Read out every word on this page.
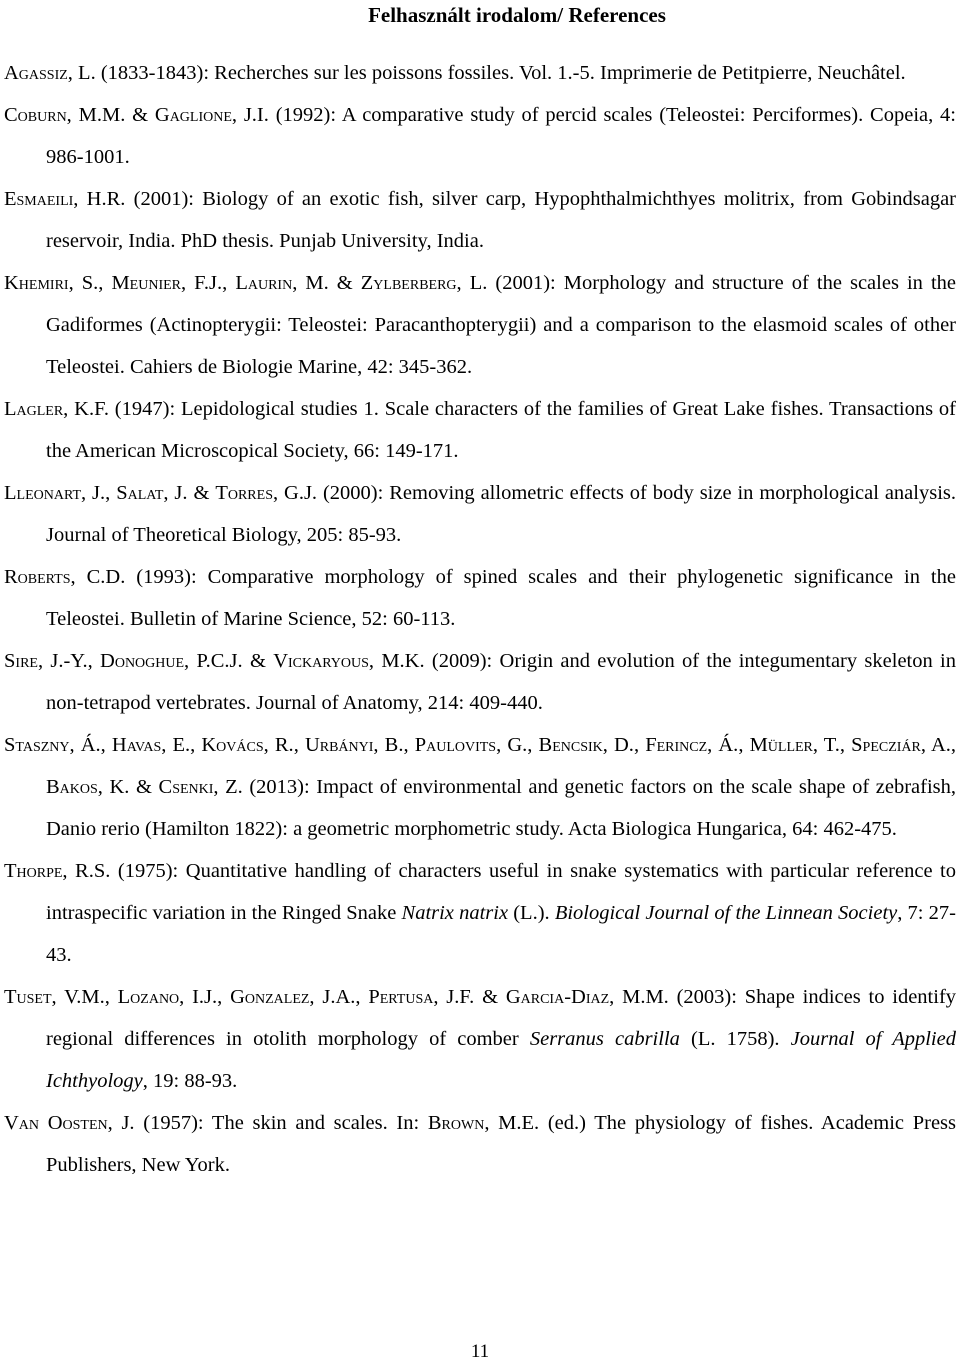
Felhasznált irodalom/ References

Agassiz, L. (1833-1843): Recherches sur les poissons fossiles. Vol. 1.-5. Imprimerie de Petitpierre, Neuchâtel.

Coburn, M.M. & Gaglione, J.I. (1992): A comparative study of percid scales (Teleostei: Perciformes). Copeia, 4: 986-1001.

Esmaeili, H.R. (2001): Biology of an exotic fish, silver carp, Hypophthalmichthyes molitrix, from Gobindsagar reservoir, India. PhD thesis. Punjab University, India.

Khemiri, S., Meunier, F.J., Laurin, M. & Zylberberg, L. (2001): Morphology and structure of the scales in the Gadiformes (Actinopterygii: Teleostei: Paracanthopterygii) and a comparison to the elasmoid scales of other Teleostei. Cahiers de Biologie Marine, 42: 345-362.

Lagler, K.F. (1947): Lepidological studies 1. Scale characters of the families of Great Lake fishes. Transactions of the American Microscopical Society, 66: 149-171.

Lleonart, J., Salat, J. & Torres, G.J. (2000): Removing allometric effects of body size in morphological analysis. Journal of Theoretical Biology, 205: 85-93.

Roberts, C.D. (1993): Comparative morphology of spined scales and their phylogenetic significance in the Teleostei. Bulletin of Marine Science, 52: 60-113.

Sire, J.-Y., Donoghue, P.C.J. & Vickaryous, M.K. (2009): Origin and evolution of the integumentary skeleton in non-tetrapod vertebrates. Journal of Anatomy, 214: 409-440.

Staszny, Á., Havas, E., Kovács, R., Urbányi, B., Paulovits, G., Bencsik, D., Ferincz, Á., Müller, T., Specziár, A., Bakos, K. & Csenki, Z. (2013): Impact of environmental and genetic factors on the scale shape of zebrafish, Danio rerio (Hamilton 1822): a geometric morphometric study. Acta Biologica Hungarica, 64: 462-475.

Thorpe, R.S. (1975): Quantitative handling of characters useful in snake systematics with particular reference to intraspecific variation in the Ringed Snake Natrix natrix (L.). Biological Journal of the Linnean Society, 7: 27-43.

Tuset, V.M., Lozano, I.J., Gonzalez, J.A., Pertusa, J.F. & Garcia-Diaz, M.M. (2003): Shape indices to identify regional differences in otolith morphology of comber Serranus cabrilla (L. 1758). Journal of Applied Ichthyology, 19: 88-93.

Van Oosten, J. (1957): The skin and scales. In: Brown, M.E. (ed.) The physiology of fishes. Academic Press Publishers, New York.

11
